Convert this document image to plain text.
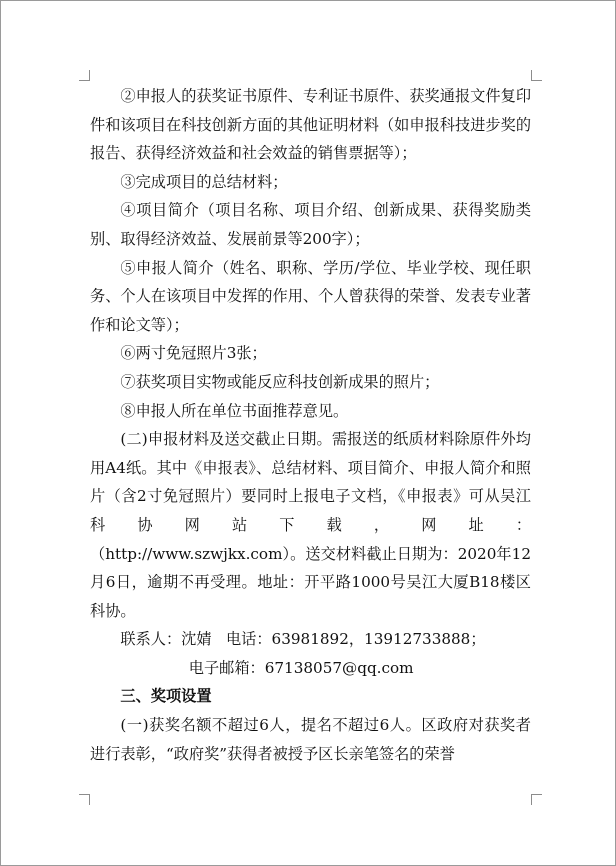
②申报人的获奖证书原件、专利证书原件、获奖通报文件复印件和该项目在科技创新方面的其他证明材料（如申报科技进步奖的报告、获得经济效益和社会效益的销售票据等）；

③完成项目的总结材料；

④项目简介（项目名称、项目介绍、创新成果、获得奖励类别、取得经济效益、发展前景等200字）；

⑤申报人简介（姓名、职称、学历/学位、毕业学校、现任职务、个人在该项目中发挥的作用、个人曾获得的荣誉、发表专业著作和论文等）；

⑥两寸免冠照片3张；

⑦获奖项目实物或能反应科技创新成果的照片；

⑧申报人所在单位书面推荐意见。

(二)申报材料及送交截止日期。需报送的纸质材料除原件外均用A4纸。其中《申报表》、总结材料、项目简介、申报人简介和照片（含2寸免冠照片）要同时上报电子文档，《申报表》可从吴江科协网站下载，网址：

（http://www.szwjkx.com）。送交材料截止日期为：2020年12月6日，逾期不再受理。地址：开平路1000号吴江大厦B18楼区科协。

联系人：沈婧   电话：63981892，13912733888；

电子邮箱：67138057@qq.com

三、奖项设置

(一)获奖名额不超过6人，提名不超过6人。区政府对获奖者进行表彰，“政府奖”获得者被授予区长亲笔签名的荣誉
